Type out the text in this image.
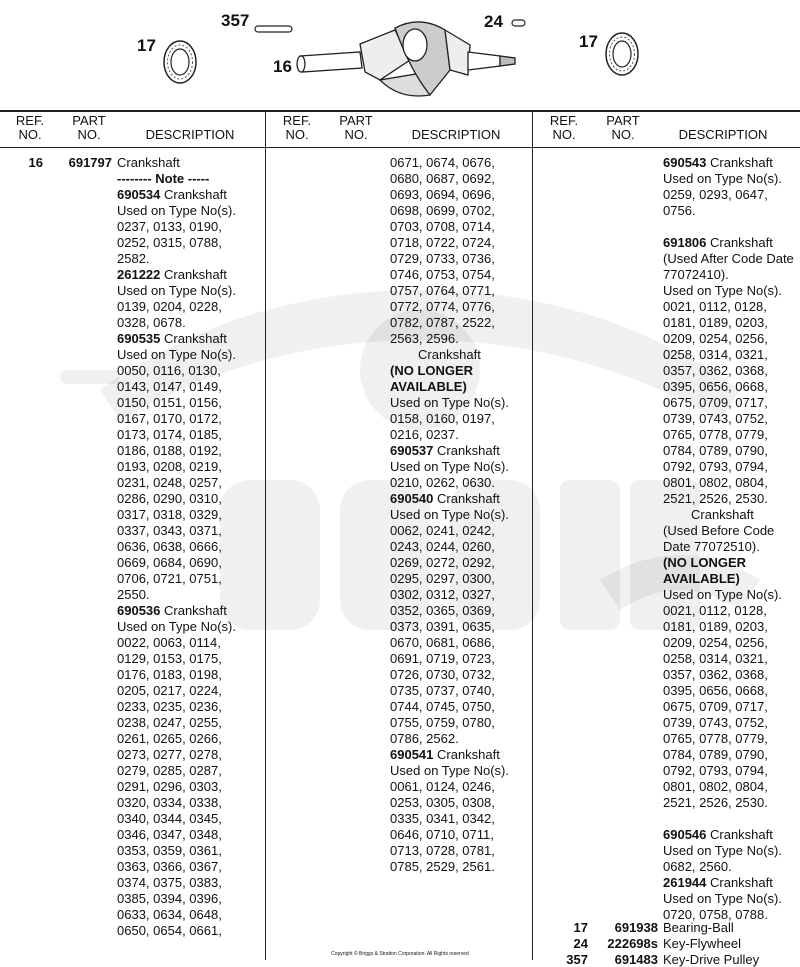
357	24
17
16
17
REF.
NO.
PART
NO.	DESCRIPTION
REF.
NO.
PART
NO.	DESCRIPTION
REF.
NO.
PART
NO.	DESCRIPTION
16	691797 Crankshaft
-------- Note -----
690534 Crankshaft
Used on Type No(s).
0237, 0133, 0190,
0252, 0315, 0788,
2582.
261222 Crankshaft
Used on Type No(s).
0139, 0204, 0228,
0328, 0678.
690535 Crankshaft
Used on Type No(s).
0050, 0116, 0130,
0143, 0147, 0149,
0150, 0151, 0156,
0167, 0170, 0172,
0173, 0174, 0185,
0186, 0188, 0192,
0193, 0208, 0219,
0231, 0248, 0257,
0286, 0290, 0310,
0317, 0318, 0329,
0337, 0343, 0371,
0636, 0638, 0666,
0669, 0684, 0690,
0706, 0721, 0751,
2550.
690536 Crankshaft
Used on Type No(s).
0022, 0063, 0114,
0129, 0153, 0175,
0176, 0183, 0198,
0205, 0217, 0224,
0233, 0235, 0236,
0238, 0247, 0255,
0261, 0265, 0266,
0273, 0277, 0278,
0279, 0285, 0287,
0291, 0296, 0303,
0320, 0334, 0338,
0340, 0344, 0345,
0346, 0347, 0348,
0353, 0359, 0361,
0363, 0366, 0367,
0374, 0375, 0383,
0385, 0394, 0396,
0633, 0634, 0648,
0650, 0654, 0661,
0671, 0674, 0676,
0680, 0687, 0692,
0693, 0694, 0696,
0698, 0699, 0702,
0703, 0708, 0714,
0718, 0722, 0724,
0729, 0733, 0736,
0746, 0753, 0754,
0757, 0764, 0771,
0772, 0774, 0776,
0782, 0787, 2522,
2563, 2596.
Crankshaft
(NO LONGER
AVAILABLE)
Used on Type No(s).
0158, 0160, 0197,
0216, 0237.
690537 Crankshaft
Used on Type No(s).
0210, 0262, 0630.
690540 Crankshaft
Used on Type No(s).
0062, 0241, 0242,
0243, 0244, 0260,
0269, 0272, 0292,
0295, 0297, 0300,
0302, 0312, 0327,
0352, 0365, 0369,
0373, 0391, 0635,
0670, 0681, 0686,
0691, 0719, 0723,
0726, 0730, 0732,
0735, 0737, 0740,
0744, 0745, 0750,
0755, 0759, 0780,
0786, 2562.
690541 Crankshaft
Used on Type No(s).
0061, 0124, 0246,
0253, 0305, 0308,
0335, 0341, 0342,
0646, 0710, 0711,
0713, 0728, 0781,
0785, 2529, 2561.
690543 Crankshaft
Used on Type No(s).
0259, 0293, 0647,
0756.
691806 Crankshaft
(Used After Code Date
77072410).
Used on Type No(s).
0021, 0112, 0128,
0181, 0189, 0203,
0209, 0254, 0256,
0258, 0314, 0321,
0357, 0362, 0368,
0395, 0656, 0668,
0675, 0709, 0717,
0739, 0743, 0752,
0765, 0778, 0779,
0784, 0789, 0790,
0792, 0793, 0794,
0801, 0802, 0804,
2521, 2526, 2530.
Crankshaft
(Used Before Code
Date 77072510).
(NO LONGER
AVAILABLE)
Used on Type No(s).
0021, 0112, 0128,
0181, 0189, 0203,
0209, 0254, 0256,
0258, 0314, 0321,
0357, 0362, 0368,
0395, 0656, 0668,
0675, 0709, 0717,
0739, 0743, 0752,
0765, 0778, 0779,
0784, 0789, 0790,
0792, 0793, 0794,
0801, 0802, 0804,
2521, 2526, 2530.
690546 Crankshaft
Used on Type No(s).
0682, 2560.
261944 Crankshaft
Used on Type No(s).
0720, 0758, 0788.
17	691938 Bearing-Ball
24	222698s Key-Flywheel
357	691483 Key-Drive Pulley
Copyright © Briggs & Stratton Corporation. All Rights reserved
